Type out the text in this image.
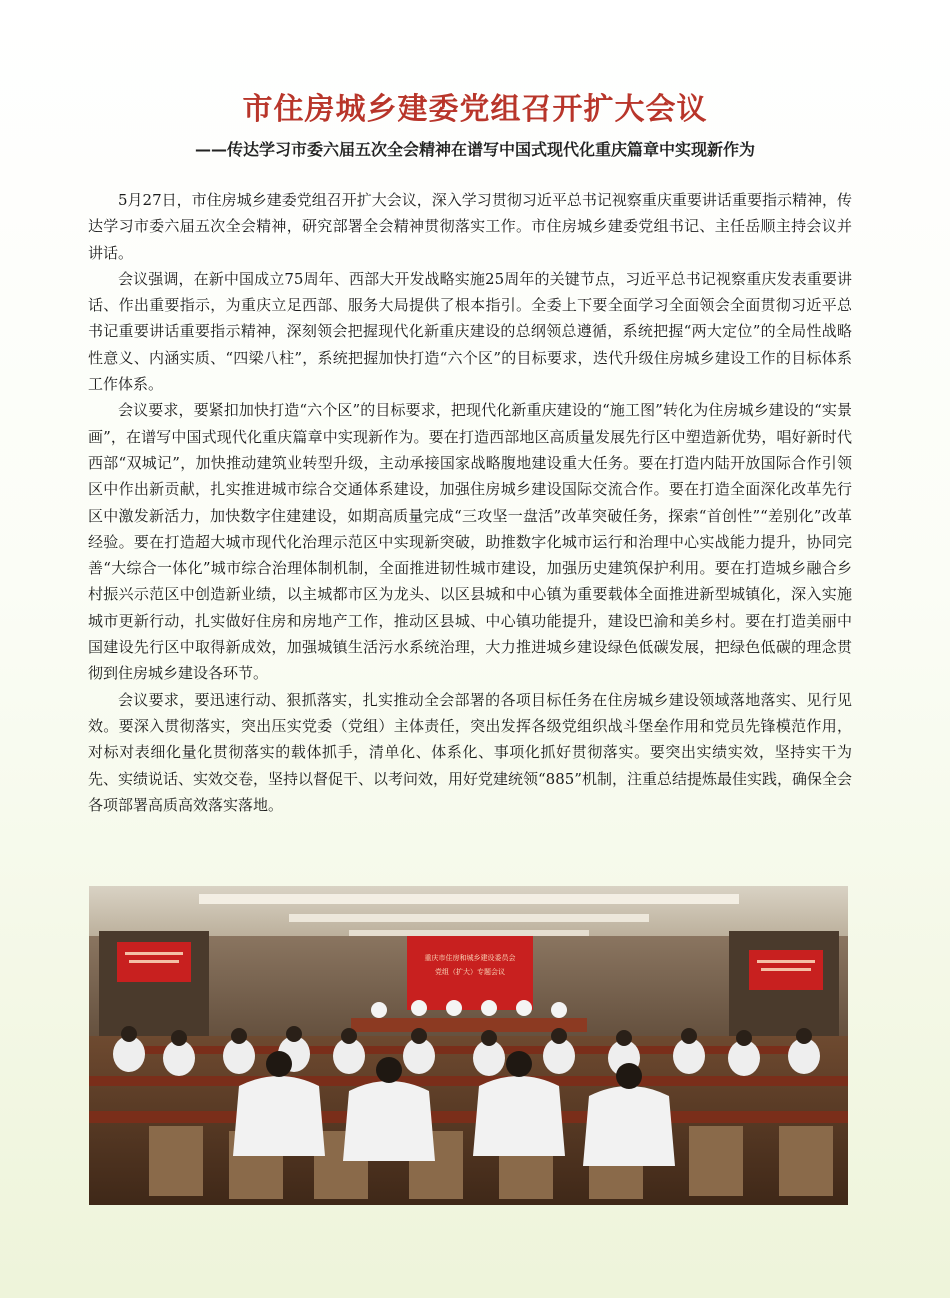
市住房城乡建委党组召开扩大会议
——传达学习市委六届五次全会精神在谱写中国式现代化重庆篇章中实现新作为

5月27日，市住房城乡建委党组召开扩大会议，深入学习贯彻习近平总书记视察重庆重要讲话重要指示精神，传达学习市委六届五次全会精神，研究部署全会精神贯彻落实工作。市住房城乡建委党组书记、主任岳顺主持会议并讲话。

会议强调，在新中国成立75周年、西部大开发战略实施25周年的关键节点，习近平总书记视察重庆发表重要讲话、作出重要指示，为重庆立足西部、服务大局提供了根本指引。全委上下要全面学习全面领会全面贯彻习近平总书记重要讲话重要指示精神，深刻领会把握现代化新重庆建设的总纲领总遵循，系统把握“两大定位”的全局性战略性意义、内涵实质、“四梁八柱”，系统把握加快打造“六个区”的目标要求，迭代升级住房城乡建设工作的目标体系工作体系。

会议要求，要紧扣加快打造“六个区”的目标要求，把现代化新重庆建设的“施工图”转化为住房城乡建设的“实景画”，在谱写中国式现代化重庆篇章中实现新作为。要在打造西部地区高质量发展先行区中塑造新优势，唱好新时代西部“双城记”，加快推动建筑业转型升级，主动承接国家战略腹地建设重大任务。要在打造内陆开放国际合作引领区中作出新贡献，扎实推进城市综合交通体系建设，加强住房城乡建设国际交流合作。要在打造全面深化改革先行区中激发新活力，加快数字住建建设，如期高质量完成“三攻坚一盘活”改革突破任务，探索“首创性”“差别化”改革经验。要在打造超大城市现代化治理示范区中实现新突破，助推数字化城市运行和治理中心实战能力提升，协同完善“大综合一体化”城市综合治理体制机制，全面推进韧性城市建设，加强历史建筑保护利用。要在打造城乡融合乡村振兴示范区中创造新业绩，以主城都市区为龙头、以区县城和中心镇为重要载体全面推进新型城镇化，深入实施城市更新行动，扎实做好住房和房地产工作，推动区县城、中心镇功能提升，建设巴渝和美乡村。要在打造美丽中国建设先行区中取得新成效，加强城镇生活污水系统治理，大力推进城乡建设绿色低碳发展，把绿色低碳的理念贯彻到住房城乡建设各环节。

会议要求，要迅速行动、狠抓落实，扎实推动全会部署的各项目标任务在住房城乡建设领域落地落实、见行见效。要深入贯彻落实，突出压实党委（党组）主体责任，突出发挥各级党组织战斗堡垒作用和党员先锋模范作用，对标对表细化量化贯彻落实的载体抓手，清单化、体系化、事项化抓好贯彻落实。要突出实绩实效，坚持实干为先、实绩说话、实效交卷，坚持以督促干、以考问效，用好党建统领“885”机制，注重总结提炼最佳实践，确保全会各项部署高质高效落实落地。

重庆市住房和城乡建设委员会
党组（扩大）专题会议
